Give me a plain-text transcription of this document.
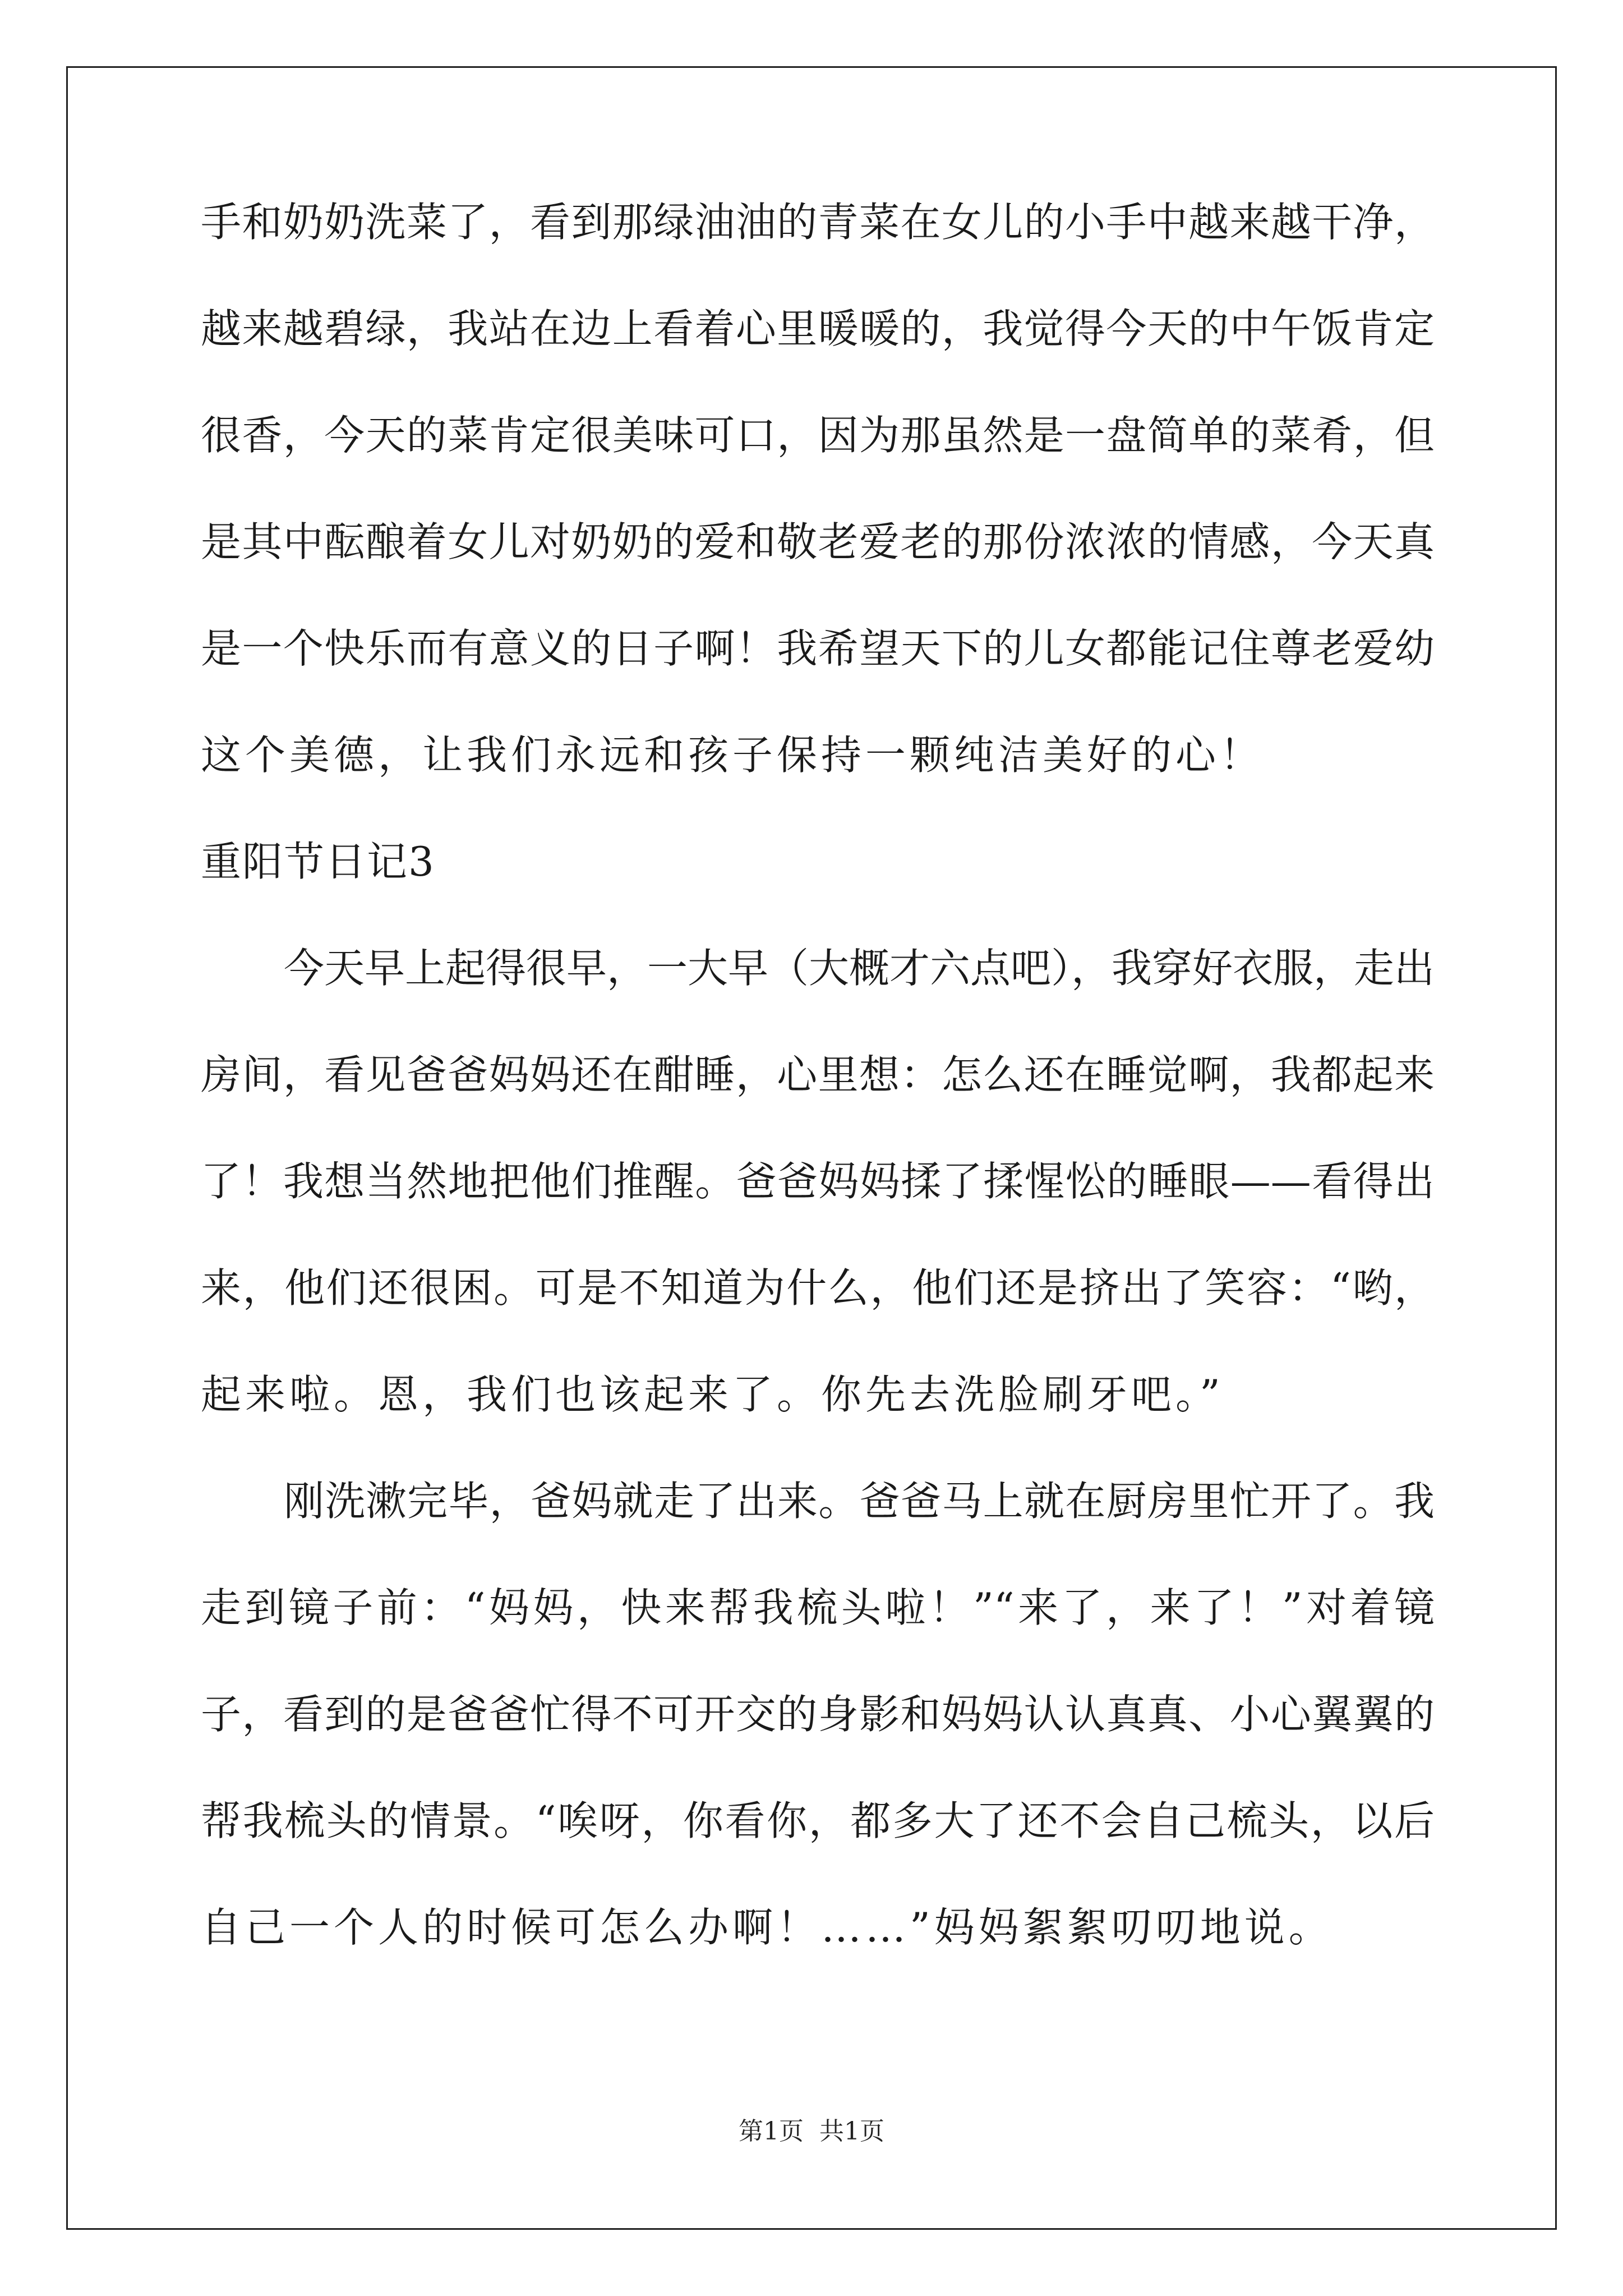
手和奶奶洗菜了，看到那绿油油的青菜在女儿的小手中越来越干净，
越来越碧绿，我站在边上看着心里暖暖的，我觉得今天的中午饭肯定
很香，今天的菜肯定很美味可口，因为那虽然是一盘简单的菜肴，但
是其中酝酿着女儿对奶奶的爱和敬老爱老的那份浓浓的情感，今天真
是一个快乐而有意义的日子啊！我希望天下的儿女都能记住尊老爱幼
这个美德，让我们永远和孩子保持一颗纯洁美好的心！
重阳节日记3
今天早上起得很早，一大早（大概才六点吧），我穿好衣服，走出
房间，看见爸爸妈妈还在酣睡，心里想：怎么还在睡觉啊，我都起来
了！我想当然地把他们推醒。爸爸妈妈揉了揉惺忪的睡眼——看得出
来，他们还很困。可是不知道为什么，他们还是挤出了笑容：“哟，
起来啦。恩，我们也该起来了。你先去洗脸刷牙吧。”
刚洗漱完毕，爸妈就走了出来。爸爸马上就在厨房里忙开了。我
走到镜子前：“妈妈，快来帮我梳头啦！”“来了，来了！”对着镜
子，看到的是爸爸忙得不可开交的身影和妈妈认认真真、小心翼翼的
帮我梳头的情景。“唉呀，你看你，都多大了还不会自己梳头，以后
自己一个人的时候可怎么办啊！……”妈妈絮絮叨叨地说。
第1页 共1页
